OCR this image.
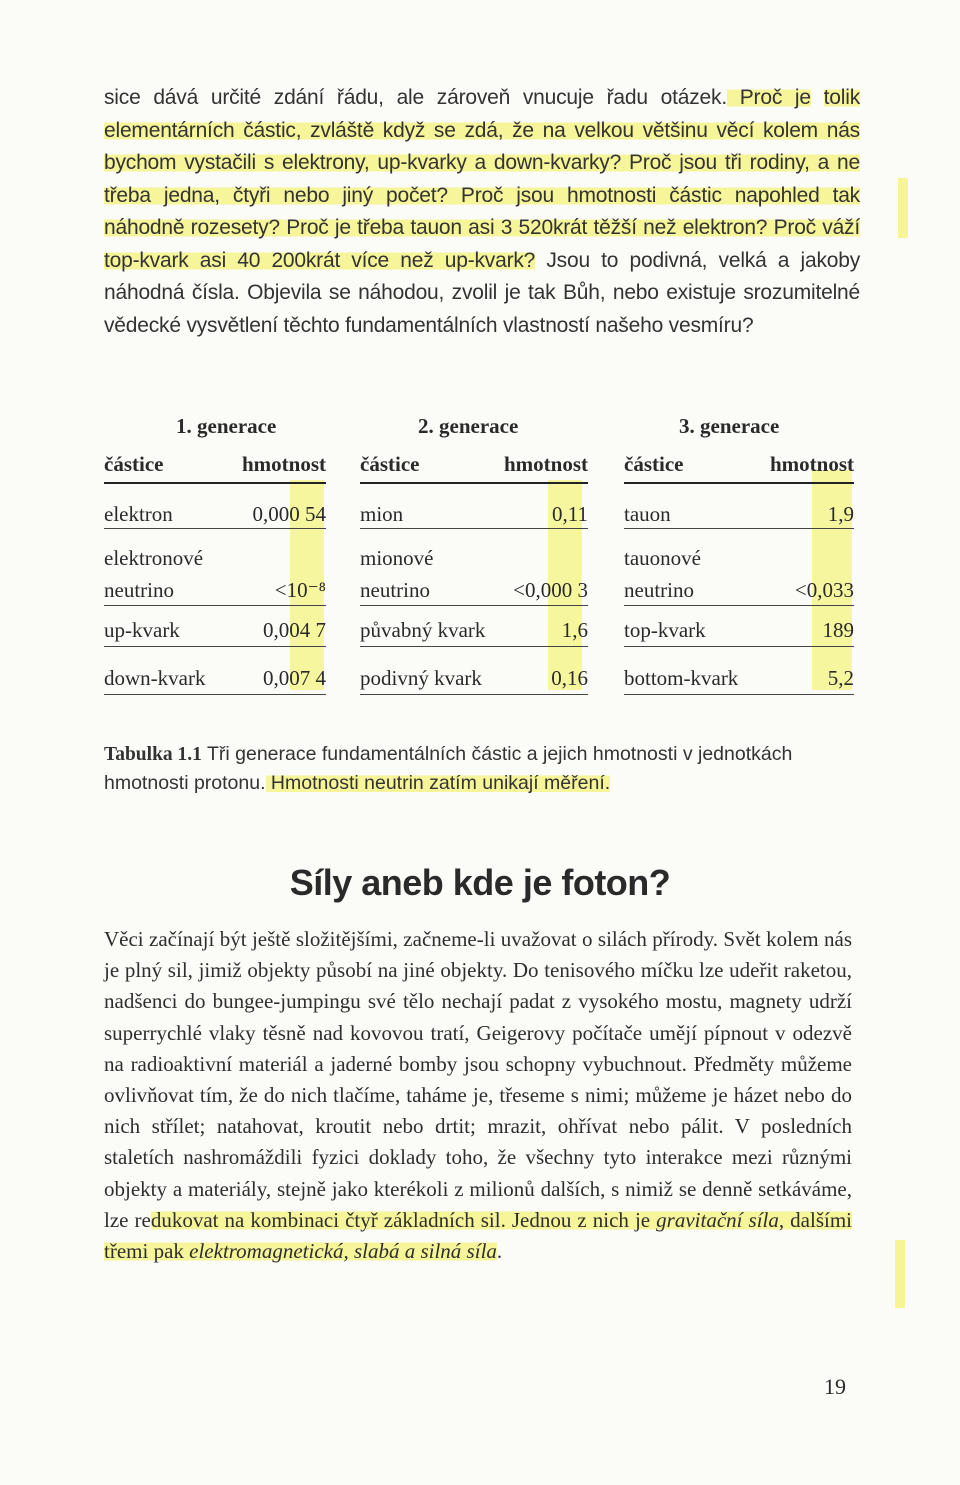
sice dává určité zdání řádu, ale zároveň vnucuje řadu otázek. Proč je tolik elementárních částic, zvláště když se zdá, že na velkou většinu věcí kolem nás bychom vystačili s elektrony, up-kvarky a down-kvarky? Proč jsou tři rodiny, a ne třeba jedna, čtyři nebo jiný počet? Proč jsou hmotnosti částic napohled tak náhodně rozesety? Proč je třeba tauon asi 3 520krát těžší než elektron? Proč váží top-kvark asi 40 200krát více než up-kvark? Jsou to podivná, velká a jakoby náhodná čísla. Objevila se náhodou, zvolil je tak Bůh, nebo existuje srozumitelné vědecké vysvětlení těchto fundamentálních vlastností našeho vesmíru?

1. generace	2. generace	3. generace
částice	hmotnost částice	hmotnost částice	hmotnost
elektron	0,000 54 mion	0,11 tauon	1,9
elektronové	mionové	tauonové
neutrino	<10⁻⁸ neutrino	<0,000 3 neutrino	<0,033
up-kvark	0,004 7 půvabný kvark	1,6 top-kvark	189
down-kvark	0,007 4 podivný kvark	0,16 bottom-kvark	5,2

Tabulka 1.1 Tři generace fundamentálních částic a jejich hmotnosti v jednotkách hmotnosti protonu. Hmotnosti neutrin zatím unikají měření.

Síly aneb kde je foton?

Věci začínají být ještě složitějšími, začneme-li uvažovat o silách přírody. Svět kolem nás je plný sil, jimiž objekty působí na jiné objekty. Do tenisového míčku lze udeřit raketou, nadšenci do bungee-jumpingu své tělo nechají padat z vysokého mostu, magnety udrží superrychlé vlaky těsně nad kovovou tratí, Geigerovy počítače umějí pípnout v odezvě na radioaktivní materiál a jaderné bomby jsou schopny vybuchnout. Předměty můžeme ovlivňovat tím, že do nich tlačíme, taháme je, třeseme s nimi; můžeme je házet nebo do nich střílet; natahovat, kroutit nebo drtit; mrazit, ohřívat nebo pálit. V posledních staletích nashromáždili fyzici doklady toho, že všechny tyto interakce mezi různými objekty a materiály, stejně jako kterékoli z milionů dalších, s nimiž se denně setkáváme, lze redukovat na kombinaci čtyř základních sil. Jednou z nich je gravitační síla, dalšími třemi pak elektromagnetická, slabá a silná síla.

19
